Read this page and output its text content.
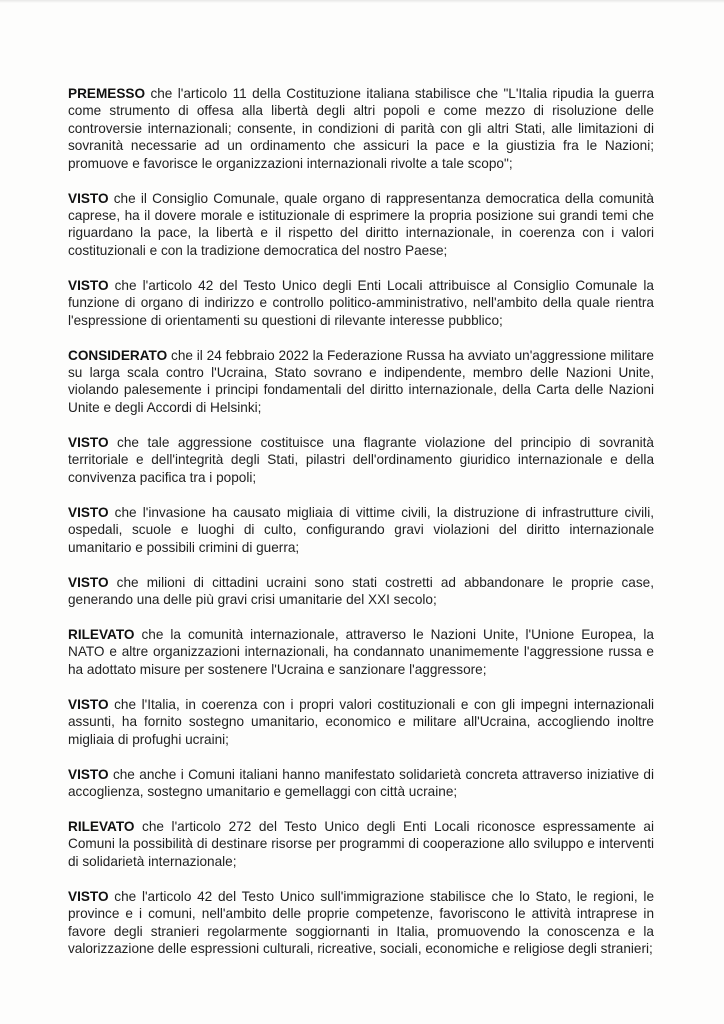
PREMESSO che l'articolo 11 della Costituzione italiana stabilisce che "L'Italia ripudia la guerra come strumento di offesa alla libertà degli altri popoli e come mezzo di risoluzione delle controversie internazionali; consente, in condizioni di parità con gli altri Stati, alle limitazioni di sovranità necessarie ad un ordinamento che assicuri la pace e la giustizia fra le Nazioni; promuove e favorisce le organizzazioni internazionali rivolte a tale scopo";

VISTO che il Consiglio Comunale, quale organo di rappresentanza democratica della comunità caprese, ha il dovere morale e istituzionale di esprimere la propria posizione sui grandi temi che riguardano la pace, la libertà e il rispetto del diritto internazionale, in coerenza con i valori costituzionali e con la tradizione democratica del nostro Paese;

VISTO che l'articolo 42 del Testo Unico degli Enti Locali attribuisce al Consiglio Comunale la funzione di organo di indirizzo e controllo politico-amministrativo, nell'ambito della quale rientra l'espressione di orientamenti su questioni di rilevante interesse pubblico;

CONSIDERATO che il 24 febbraio 2022 la Federazione Russa ha avviato un'aggressione militare su larga scala contro l'Ucraina, Stato sovrano e indipendente, membro delle Nazioni Unite, violando palesemente i principi fondamentali del diritto internazionale, della Carta delle Nazioni Unite e degli Accordi di Helsinki;

VISTO che tale aggressione costituisce una flagrante violazione del principio di sovranità territoriale e dell'integrità degli Stati, pilastri dell'ordinamento giuridico internazionale e della convivenza pacifica tra i popoli;

VISTO che l'invasione ha causato migliaia di vittime civili, la distruzione di infrastrutture civili, ospedali, scuole e luoghi di culto, configurando gravi violazioni del diritto internazionale umanitario e possibili crimini di guerra;

VISTO che milioni di cittadini ucraini sono stati costretti ad abbandonare le proprie case, generando una delle più gravi crisi umanitarie del XXI secolo;

RILEVATO che la comunità internazionale, attraverso le Nazioni Unite, l'Unione Europea, la NATO e altre organizzazioni internazionali, ha condannato unanimemente l'aggressione russa e ha adottato misure per sostenere l'Ucraina e sanzionare l'aggressore;

VISTO che l'Italia, in coerenza con i propri valori costituzionali e con gli impegni internazionali assunti, ha fornito sostegno umanitario, economico e militare all'Ucraina, accogliendo inoltre migliaia di profughi ucraini;

VISTO che anche i Comuni italiani hanno manifestato solidarietà concreta attraverso iniziative di accoglienza, sostegno umanitario e gemellaggi con città ucraine;

RILEVATO che l'articolo 272 del Testo Unico degli Enti Locali riconosce espressamente ai Comuni la possibilità di destinare risorse per programmi di cooperazione allo sviluppo e interventi di solidarietà internazionale;

VISTO che l'articolo 42 del Testo Unico sull'immigrazione stabilisce che lo Stato, le regioni, le province e i comuni, nell'ambito delle proprie competenze, favoriscono le attività intraprese in favore degli stranieri regolarmente soggiornanti in Italia, promuovendo la conoscenza e la valorizzazione delle espressioni culturali, ricreative, sociali, economiche e religiose degli stranieri;
